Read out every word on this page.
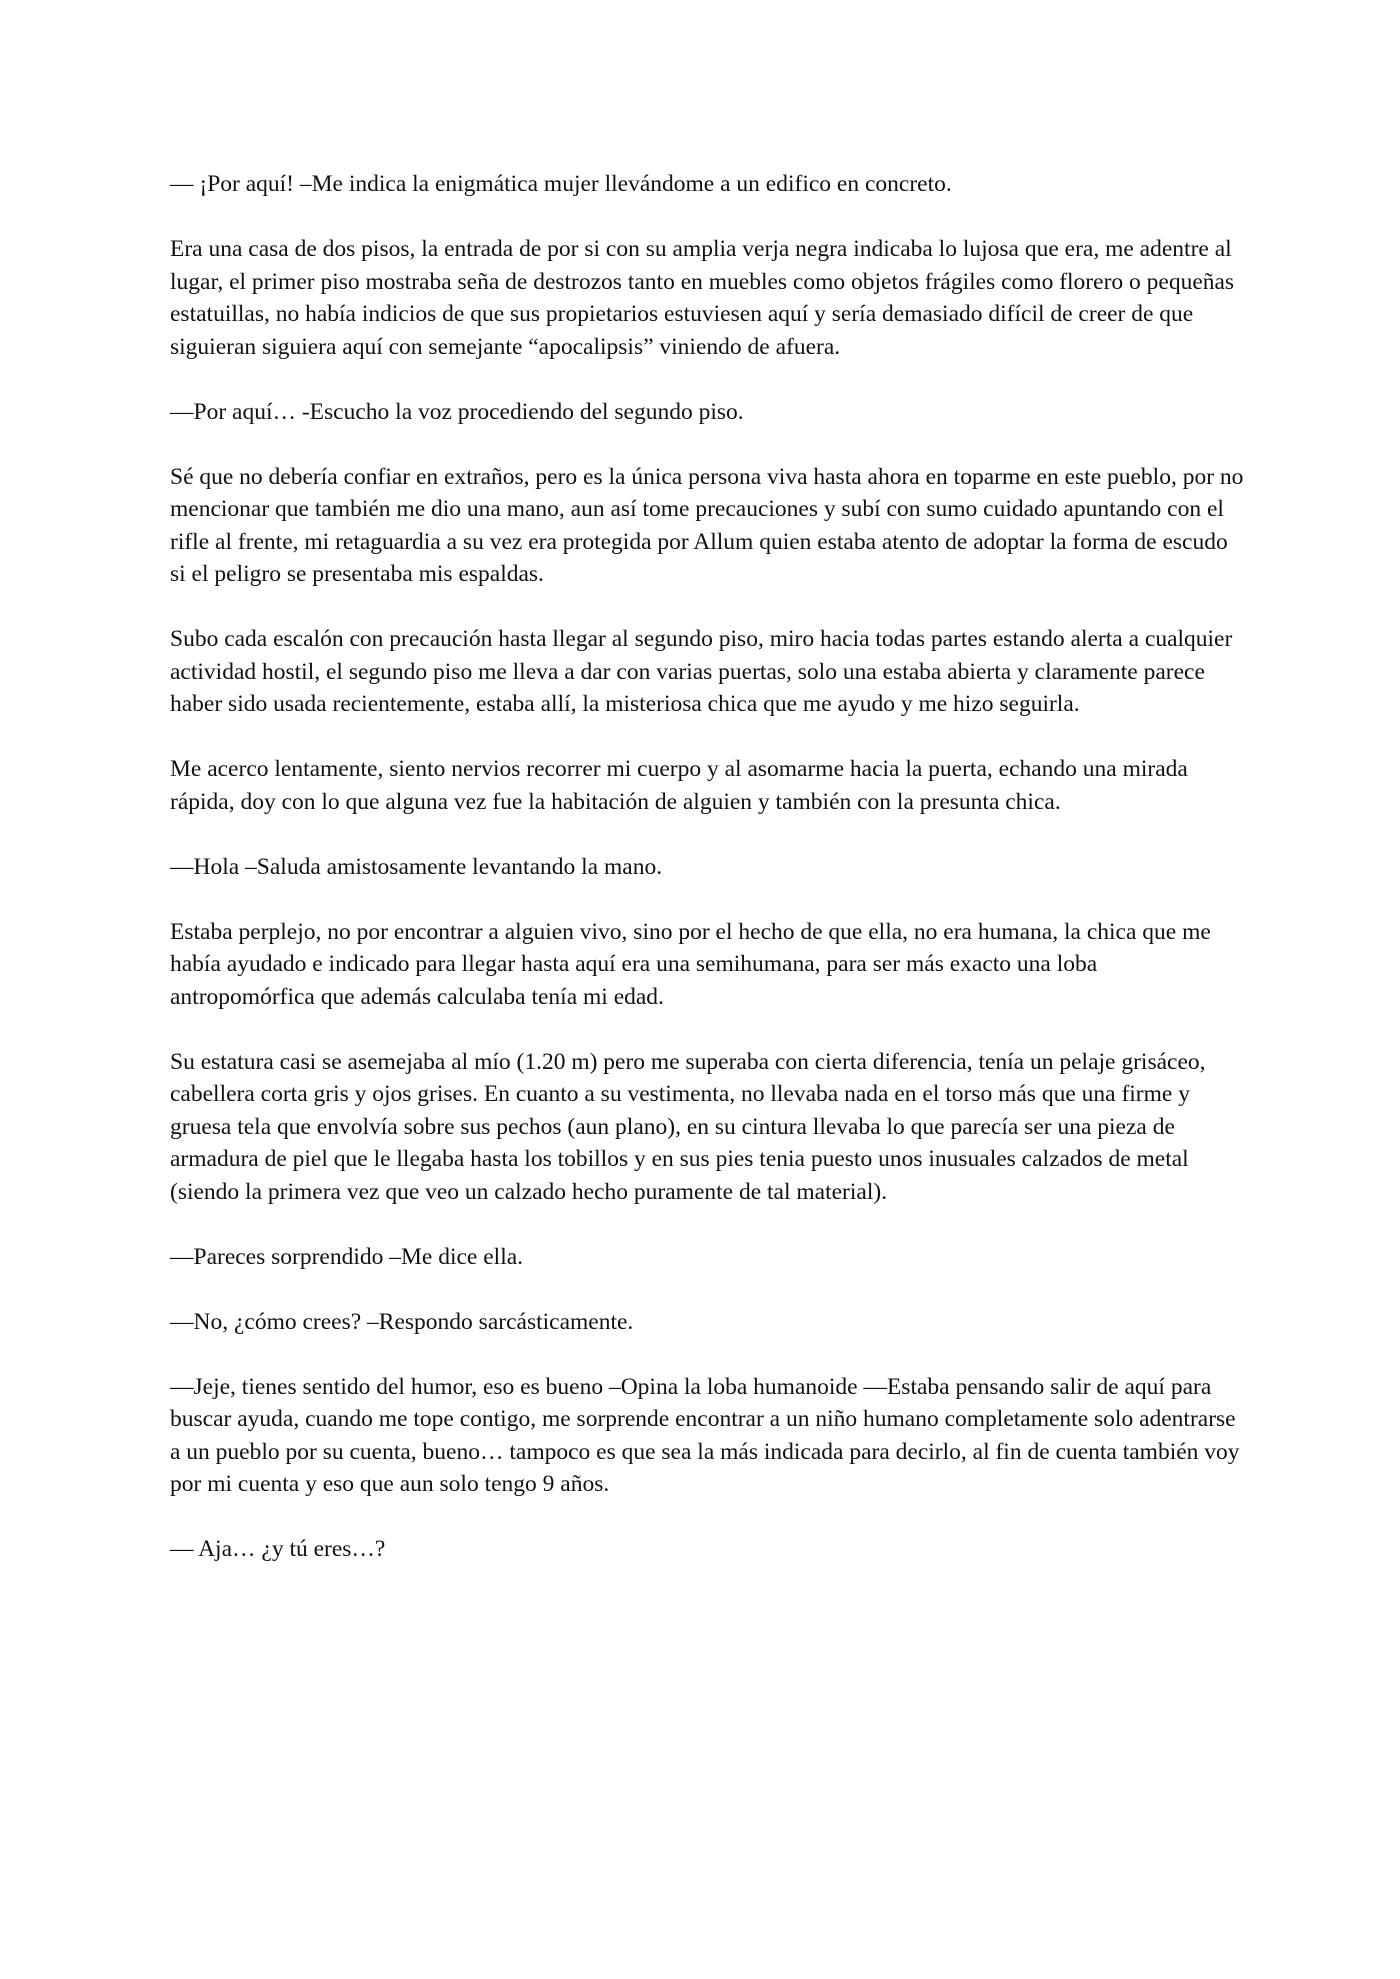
— ¡Por aquí! –Me indica la enigmática mujer llevándome a un edifico en concreto.

Era una casa de dos pisos, la entrada de por si con su amplia verja negra indicaba lo lujosa que era, me adentre al lugar, el primer piso mostraba seña de destrozos tanto en muebles como objetos frágiles como florero o pequeñas estatuillas, no había indicios de que sus propietarios estuviesen aquí y sería demasiado difícil de creer de que siguieran siguiera aquí con semejante “apocalipsis” viniendo de afuera.

—Por aquí… -Escucho la voz procediendo del segundo piso.

Sé que no debería confiar en extraños, pero es la única persona viva hasta ahora en toparme en este pueblo, por no mencionar que también me dio una mano, aun así tome precauciones y subí con sumo cuidado apuntando con el rifle al frente, mi retaguardia a su vez era protegida por Allum quien estaba atento de adoptar la forma de escudo si el peligro se presentaba mis espaldas.

Subo cada escalón con precaución hasta llegar al segundo piso, miro hacia todas partes estando alerta a cualquier actividad hostil, el segundo piso me lleva a dar con varias puertas, solo una estaba abierta y claramente parece haber sido usada recientemente, estaba allí, la misteriosa chica que me ayudo y me hizo seguirla.

Me acerco lentamente, siento nervios recorrer mi cuerpo y al asomarme hacia la puerta, echando una mirada rápida, doy con lo que alguna vez fue la habitación de alguien y también con la presunta chica.

—Hola –Saluda amistosamente levantando la mano.

Estaba perplejo, no por encontrar a alguien vivo, sino por el hecho de que ella, no era humana, la chica que me había ayudado e indicado para llegar hasta aquí era una semihumana, para ser más exacto una loba antropomórfica que además calculaba tenía mi edad.

Su estatura casi se asemejaba al mío (1.20 m) pero me superaba con cierta diferencia, tenía un pelaje grisáceo, cabellera corta gris y ojos grises. En cuanto a su vestimenta, no llevaba nada en el torso más que una firme y gruesa tela que envolvía sobre sus pechos (aun plano), en su cintura llevaba lo que parecía ser una pieza de armadura de piel que le llegaba hasta los tobillos y en sus pies tenia puesto unos inusuales calzados de metal (siendo la primera vez que veo un calzado hecho puramente de tal material).

—Pareces sorprendido –Me dice ella.

—No, ¿cómo crees? –Respondo sarcásticamente.

—Jeje, tienes sentido del humor, eso es bueno –Opina la loba humanoide —Estaba pensando salir de aquí para buscar ayuda, cuando me tope contigo, me sorprende encontrar a un niño humano completamente solo adentrarse a un pueblo por su cuenta, bueno… tampoco es que sea la más indicada para decirlo, al fin de cuenta también voy por mi cuenta y eso que aun solo tengo 9 años.

— Aja… ¿y tú eres…?
